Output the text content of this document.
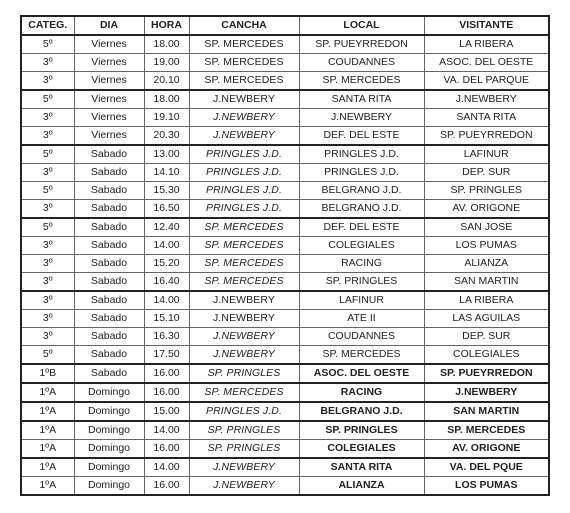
CATEG.	DIA	HORA	CANCHA	LOCAL	VISITANTE
5º	Viernes	18.00	SP. MERCEDES	SP. PUEYRREDON	LA RIBERA
3º	Viernes	19.00	SP. MERCEDES	COUDANNES	ASOC. DEL OESTE
3º	Viernes	20.10	SP. MERCEDES	SP. MERCEDES	VA. DEL PARQUE
5º	Viernes	18.00	J.NEWBERY	SANTA RITA	J.NEWBERY
3º	Viernes	19.10	J.NEWBERY	J.NEWBERY	SANTA RITA
3º	Viernes	20.30	J.NEWBERY	DEF. DEL ESTE	SP. PUEYRREDON
5º	Sabado	13.00	PRINGLES J.D.	PRINGLES J.D.	LAFINUR
3º	Sabado	14.10	PRINGLES J.D.	PRINGLES J.D.	DEP. SUR
5º	Sabado	15.30	PRINGLES J.D.	BELGRANO J.D.	SP. PRINGLES
3º	Sabado	16.50	PRINGLES J.D.	BELGRANO J.D.	AV. ORIGONE
5º	Sabado	12.40	SP. MERCEDES	DEF. DEL ESTE	SAN JOSE
3º	Sabado	14.00	SP. MERCEDES	COLEGIALES	LOS PUMAS
3º	Sabado	15.20	SP. MERCEDES	RACING	ALIANZA
3º	Sabado	16.40	SP. MERCEDES	SP. PRINGLES	SAN MARTIN
3º	Sabado	14.00	J.NEWBERY	LAFINUR	LA RIBERA
3º	Sabado	15.10	J.NEWBERY	ATE II	LAS AGUILAS
3º	Sabado	16.30	J.NEWBERY	COUDANNES	DEP. SUR
5º	Sabado	17.50	J.NEWBERY	SP. MERCEDES	COLEGIALES
1ºB	Sabado	16.00	SP. PRINGLES	ASOC. DEL OESTE	SP. PUEYRREDON
1ºA	Domingo	16.00	SP. MERCEDES	RACING	J.NEWBERY
1ºA	Domingo	15.00	PRINGLES J.D.	BELGRANO J.D.	SAN MARTIN
1ºA	Domingo	14.00	SP. PRINGLES	SP. PRINGLES	SP. MERCEDES
1ºA	Domingo	16.00	SP. PRINGLES	COLEGIALES	AV. ORIGONE
1ºA	Domingo	14.00	J.NEWBERY	SANTA RITA	VA. DEL PQUE
1ºA	Domingo	16.00	J.NEWBERY	ALIANZA	LOS PUMAS
